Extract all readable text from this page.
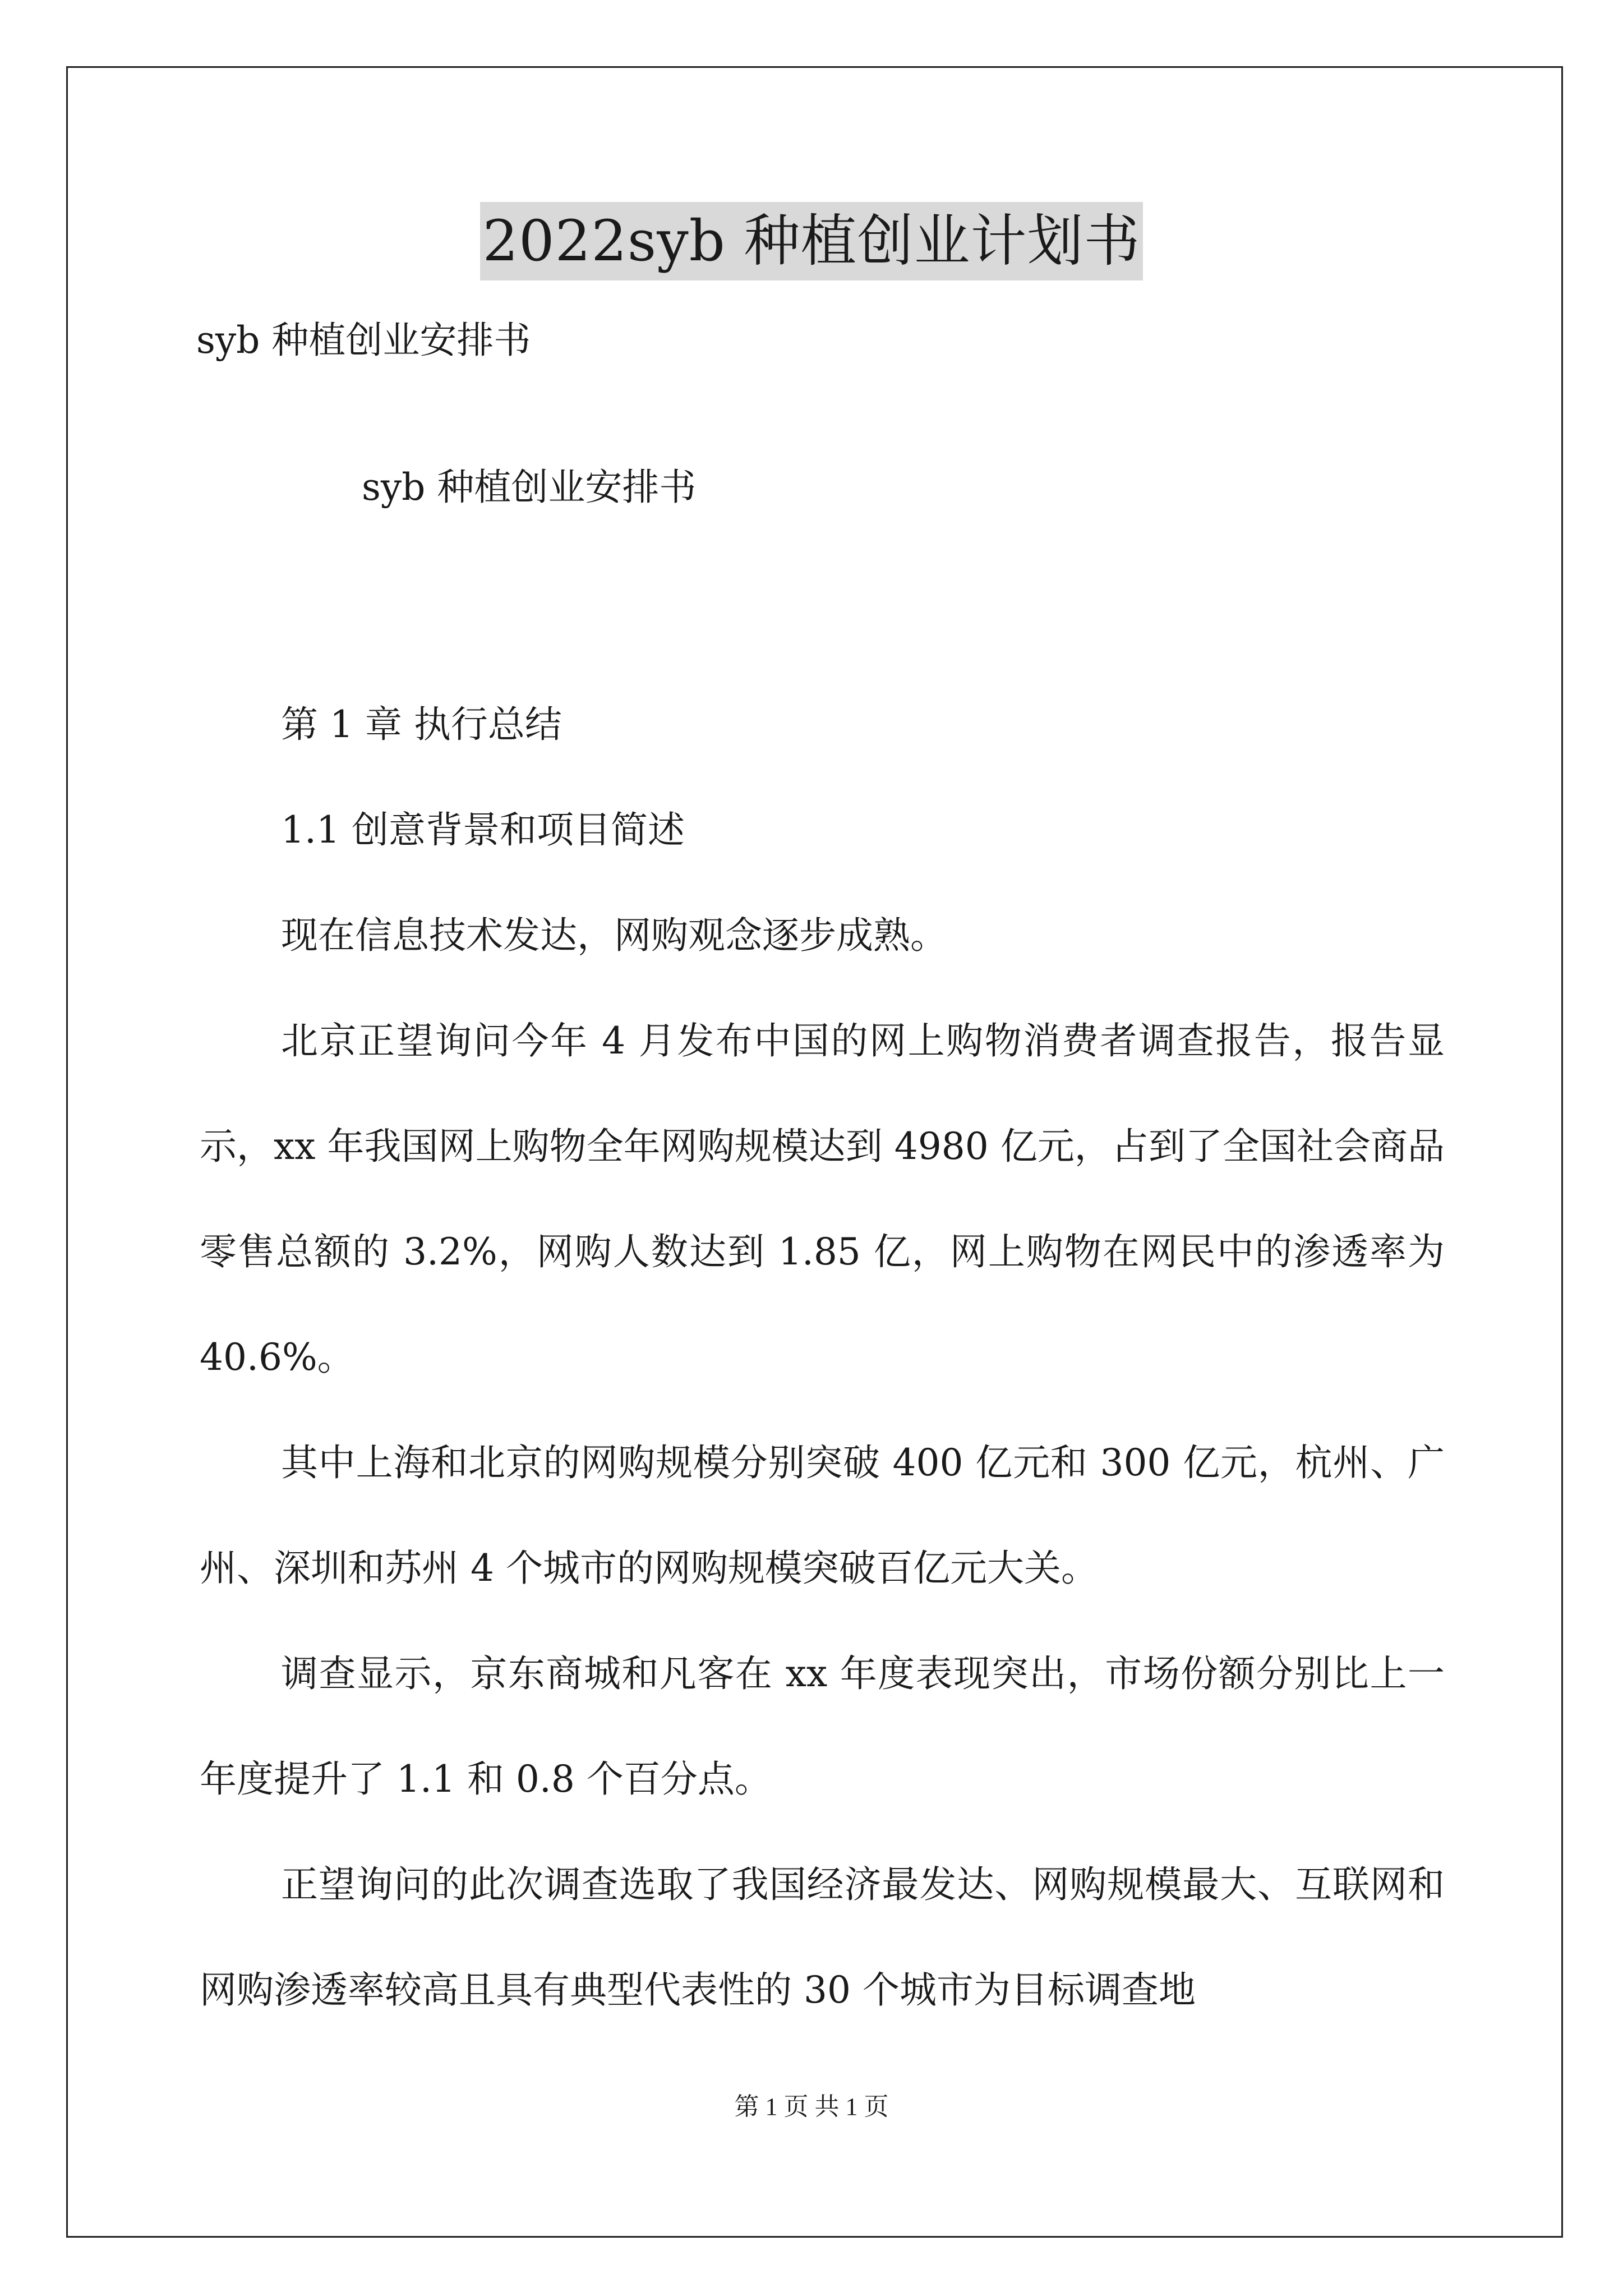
2022syb 种植创业计划书
syb 种植创业安排书
syb 种植创业安排书

第 1 章 执行总结

1.1 创意背景和项目简述

现在信息技术发达，网购观念逐步成熟。

北京正望询问今年 4 月发布中国的网上购物消费者调查报告，报告显示，xx 年我国网上购物全年网购规模达到 4980 亿元，占到了全国社会商品零售总额的 3.2%，网购人数达到 1.85 亿，网上购物在网民中的渗透率为 40.6%。

其中上海和北京的网购规模分别突破 400 亿元和 300 亿元，杭州、广州、深圳和苏州 4 个城市的网购规模突破百亿元大关。

调查显示，京东商城和凡客在 xx 年度表现突出，市场份额分别比上一年度提升了 1.1 和 0.8 个百分点。

正望询问的此次调查选取了我国经济最发达、网购规模最大、互联网和网购渗透率较高且具有典型代表性的 30 个城市为目标调查地

第 1 页 共 1 页
